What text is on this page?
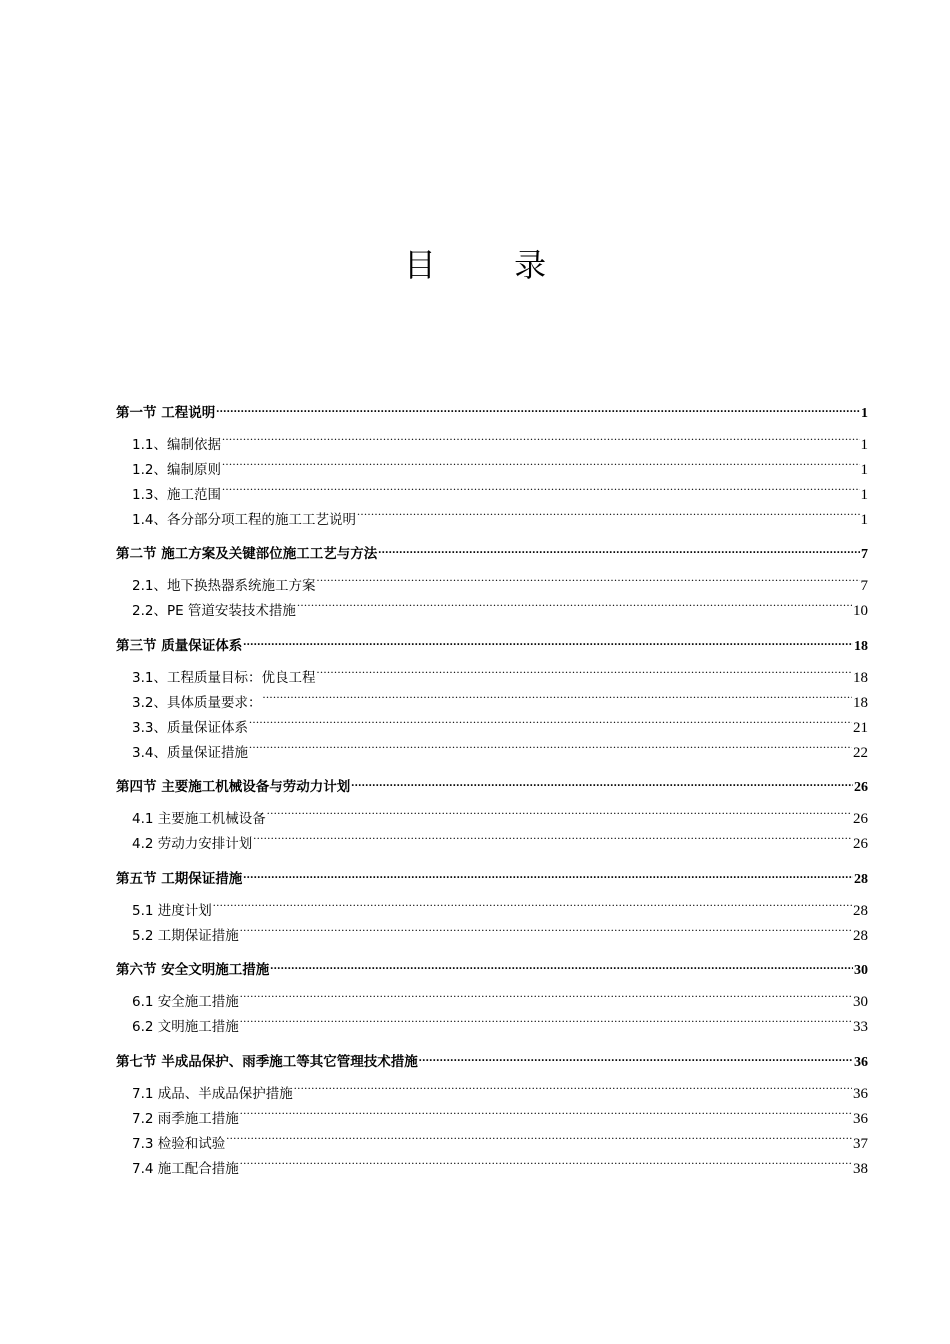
目 录
第一节 工程说明 .....	1
1.1、编制依据 .....	1
1.2、编制原则 .....	1
1.3、施工范围 .....	1
1.4、各分部分项工程的施工工艺说明 .....	1
第二节 施工方案及关键部位施工工艺与方法 .....	7
2.1、地下换热器系统施工方案 .....	7
2.2、PE 管道安装技术措施 .....	10
第三节 质量保证体系 .....	18
3.1、工程质量目标：优良工程 .....	18
3.2、具体质量要求： .....	18
3.3、质量保证体系 .....	21
3.4、质量保证措施 .....	22
第四节 主要施工机械设备与劳动力计划 .....	26
4.1 主要施工机械设备 .....	26
4.2 劳动力安排计划 .....	26
第五节 工期保证措施 .....	28
5.1 进度计划 .....	28
5.2 工期保证措施 .....	28
第六节 安全文明施工措施 .....	30
6.1 安全施工措施 .....	30
6.2 文明施工措施 .....	33
第七节 半成品保护、雨季施工等其它管理技术措施 .....	36
7.1 成品、半成品保护措施 .....	36
7.2 雨季施工措施 .....	36
7.3 检验和试验 .....	37
7.4 施工配合措施 .....	38
